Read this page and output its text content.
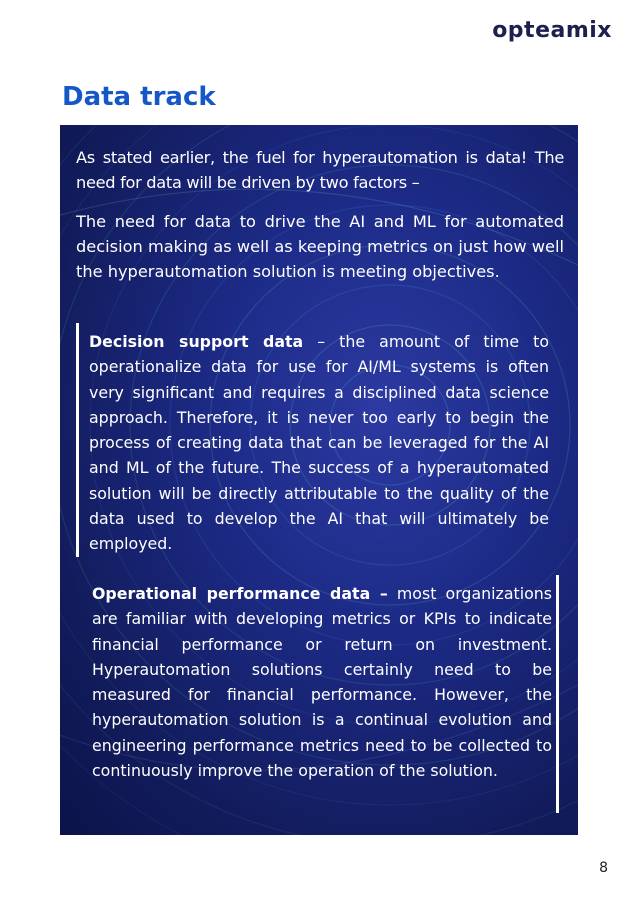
opteamix
Data track

As stated earlier, the fuel for hyperautomation is data! The need for data will be driven by two factors –

The need for data to drive the AI and ML for automated decision making as well as keeping metrics on just how well the hyperautomation solution is meeting objectives.

Decision support data – the amount of time to operationalize data for use for AI/ML systems is often very significant and requires a disciplined data science approach. Therefore, it is never too early to begin the process of creating data that can be leveraged for the AI and ML of the future. The success of a hyperautomated solution will be directly attributable to the quality of the data used to develop the AI that will ultimately be employed.

Operational performance data – most organizations are familiar with developing metrics or KPIs to indicate financial performance or return on investment. Hyperautomation solutions certainly need to be measured for financial performance. However, the hyperautomation solution is a continual evolution and engineering performance metrics need to be collected to continuously improve the operation of the solution.

8
